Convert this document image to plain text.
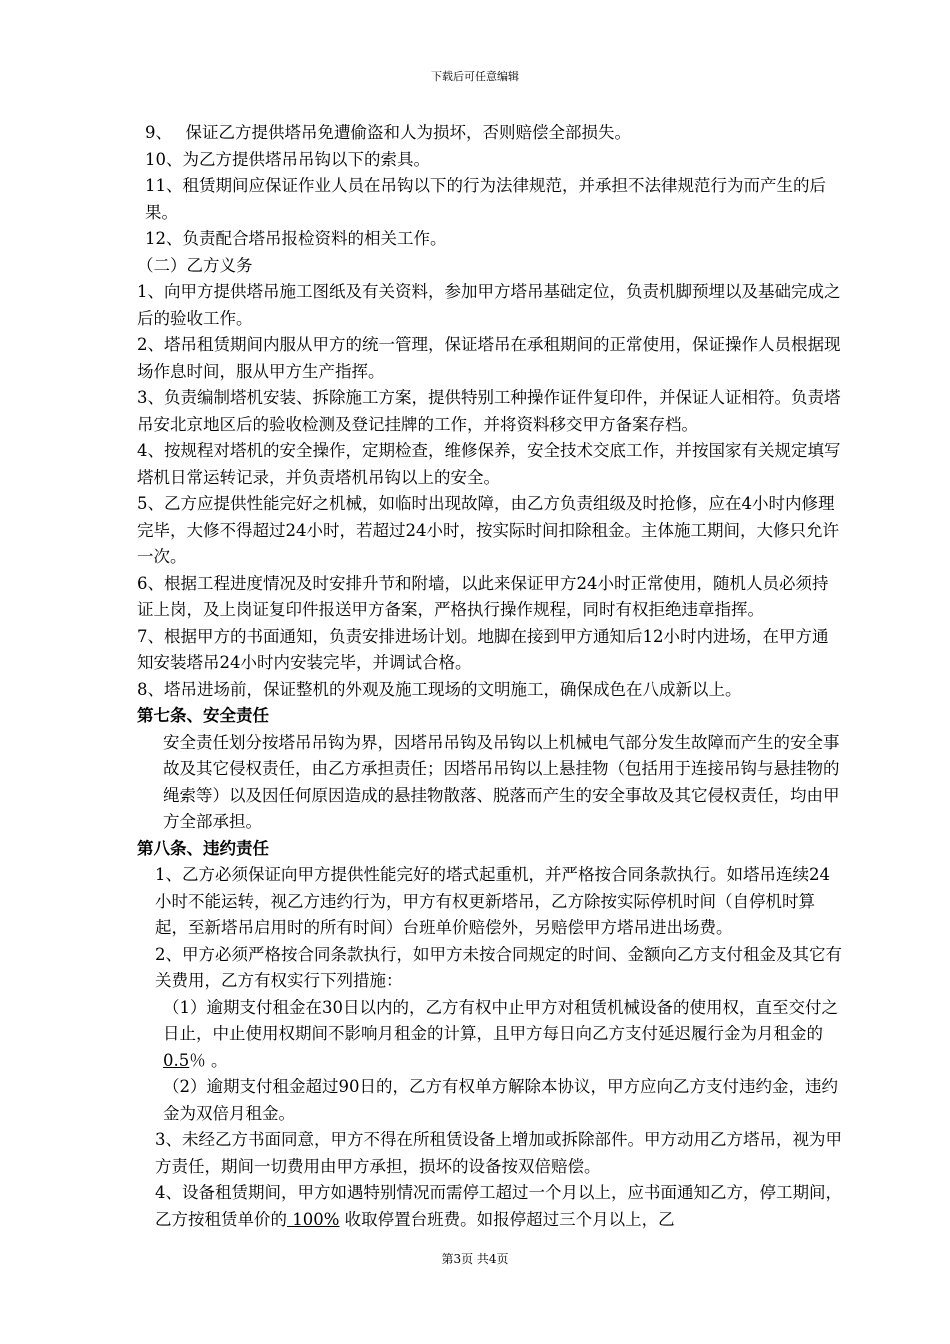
下载后可任意编辑

9、　 保证乙方提供塔吊免遭偷盗和人为损坏，否则赔偿全部损失。

10、为乙方提供塔吊吊钩以下的索具。

11、租赁期间应保证作业人员在吊钩以下的行为法律规范，并承担不法律规范行为而产生的后果。

12、负责配合塔吊报检资料的相关工作。

（二）乙方义务

1、向甲方提供塔吊施工图纸及有关资料，参加甲方塔吊基础定位，负责机脚预埋以及基础完成之后的验收工作。

2、塔吊租赁期间内服从甲方的统一管理，保证塔吊在承租期间的正常使用，保证操作人员根据现场作息时间，服从甲方生产指挥。

3、负责编制塔机安装、拆除施工方案，提供特别工种操作证件复印件，并保证人证相符。负责塔吊安北京地区后的验收检测及登记挂牌的工作，并将资料移交甲方备案存档。

4、按规程对塔机的安全操作，定期检查，维修保养，安全技术交底工作，并按国家有关规定填写塔机日常运转记录，并负责塔机吊钩以上的安全。

5、乙方应提供性能完好之机械，如临时出现故障，由乙方负责组级及时抢修，应在4小时内修理完毕，大修不得超过24小时，若超过24小时，按实际时间扣除租金。主体施工期间，大修只允许一次。

6、根据工程进度情况及时安排升节和附墙，以此来保证甲方24小时正常使用，随机人员必须持证上岗，及上岗证复印件报送甲方备案，严格执行操作规程，同时有权拒绝违章指挥。

7、根据甲方的书面通知，负责安排进场计划。地脚在接到甲方通知后12小时内进场，在甲方通知安装塔吊24小时内安装完毕，并调试合格。

8、塔吊进场前，保证整机的外观及施工现场的文明施工，确保成色在八成新以上。

第七条、安全责任

安全责任划分按塔吊吊钩为界，因塔吊吊钩及吊钩以上机械电气部分发生故障而产生的安全事故及其它侵权责任，由乙方承担责任；因塔吊吊钩以上悬挂物（包括用于连接吊钩与悬挂物的绳索等）以及因任何原因造成的悬挂物散落、脱落而产生的安全事故及其它侵权责任，均由甲方全部承担。

第八条、违约责任

1、乙方必须保证向甲方提供性能完好的塔式起重机，并严格按合同条款执行。如塔吊连续24小时不能运转，视乙方违约行为，甲方有权更新塔吊，乙方除按实际停机时间（自停机时算起，至新塔吊启用时的所有时间）台班单价赔偿外，另赔偿甲方塔吊进出场费。

2、甲方必须严格按合同条款执行，如甲方未按合同规定的时间、金额向乙方支付租金及其它有关费用，乙方有权实行下列措施：

（1）逾期支付租金在30日以内的，乙方有权中止甲方对租赁机械设备的使用权，直至交付之日止，中止使用权期间不影响月租金的计算，且甲方每日向乙方支付延迟履行金为月租金的 0.5％ 。

（2）逾期支付租金超过90日的，乙方有权单方解除本协议，甲方应向乙方支付违约金，违约金为双倍月租金。

3、未经乙方书面同意，甲方不得在所租赁设备上增加或拆除部件。甲方动用乙方塔吊，视为甲方责任，期间一切费用由甲方承担，损坏的设备按双倍赔偿。

4、设备租赁期间，甲方如遇特别情况而需停工超过一个月以上，应书面通知乙方，停工期间，乙方按租赁单价的 100% 收取停置台班费。如报停超过三个月以上，乙

第3页 共4页
